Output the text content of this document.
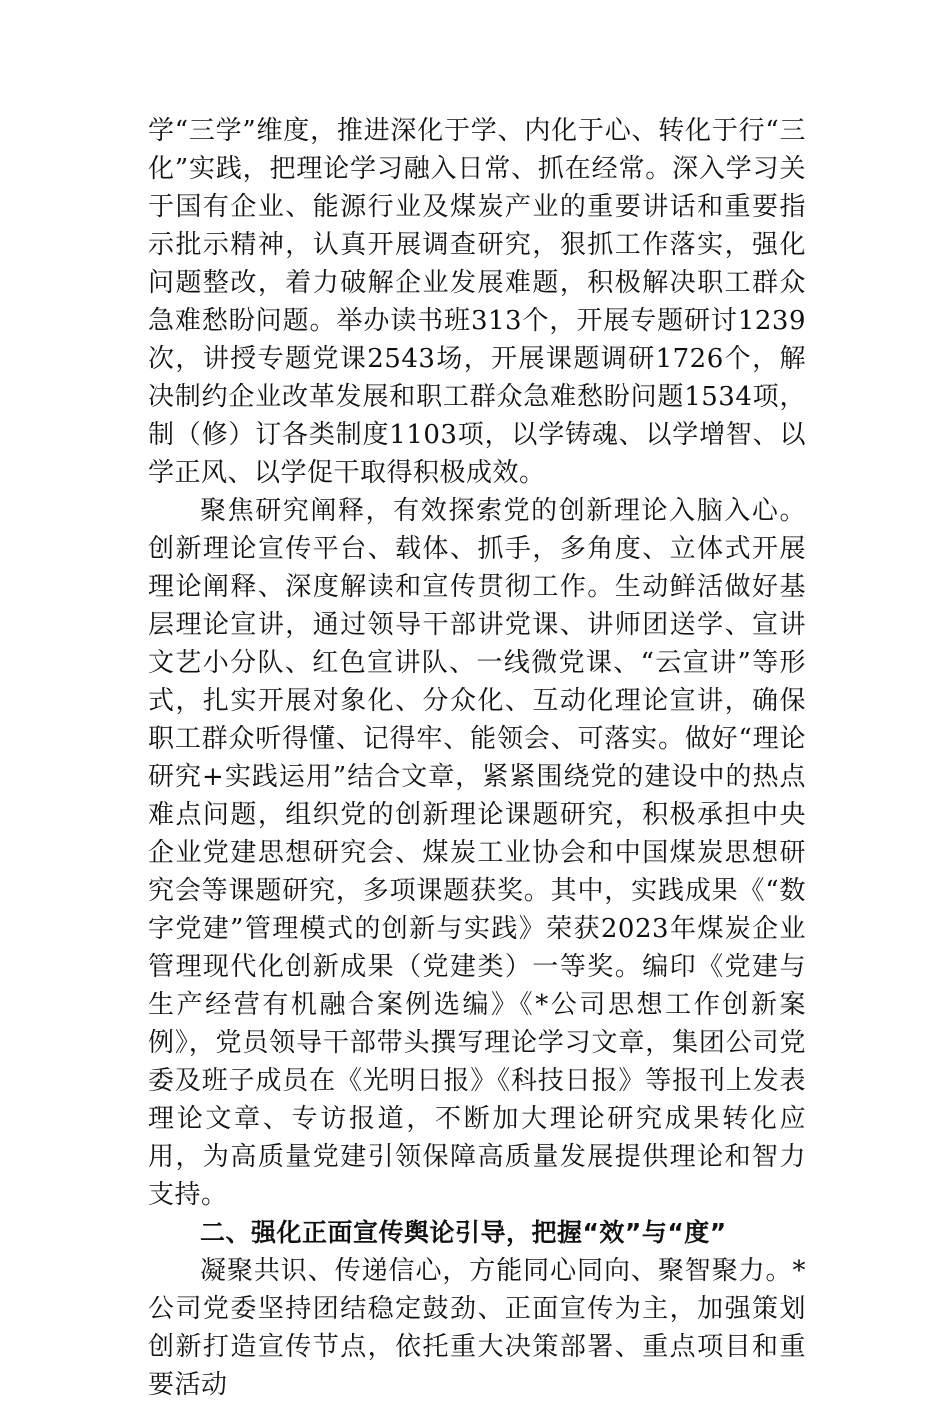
学“三学”维度，推进深化于学、内化于心、转化于行“三化”实践，把理论学习融入日常、抓在经常。深入学习关于国有企业、能源行业及煤炭产业的重要讲话和重要指示批示精神，认真开展调查研究，狠抓工作落实，强化问题整改，着力破解企业发展难题，积极解决职工群众急难愁盼问题。举办读书班313个，开展专题研讨1239次，讲授专题党课2543场，开展课题调研1726个，解决制约企业改革发展和职工群众急难愁盼问题1534项，制（修）订各类制度1103项，以学铸魂、以学增智、以学正风、以学促干取得积极成效。

聚焦研究阐释，有效探索党的创新理论入脑入心。创新理论宣传平台、载体、抓手，多角度、立体式开展理论阐释、深度解读和宣传贯彻工作。生动鲜活做好基层理论宣讲，通过领导干部讲党课、讲师团送学、宣讲文艺小分队、红色宣讲队、一线微党课、“云宣讲”等形式，扎实开展对象化、分众化、互动化理论宣讲，确保职工群众听得懂、记得牢、能领会、可落实。做好“理论研究+实践运用”结合文章，紧紧围绕党的建设中的热点难点问题，组织党的创新理论课题研究，积极承担中央企业党建思想研究会、煤炭工业协会和中国煤炭思想研究会等课题研究，多项课题获奖。其中，实践成果《“数字党建”管理模式的创新与实践》荣获2023年煤炭企业管理现代化创新成果（党建类）一等奖。编印《党建与生产经营有机融合案例选编》《*公司思想工作创新案例》，党员领导干部带头撰写理论学习文章，集团公司党委及班子成员在《光明日报》《科技日报》等报刊上发表理论文章、专访报道，不断加大理论研究成果转化应用，为高质量党建引领保障高质量发展提供理论和智力支持。

二、强化正面宣传舆论引导，把握“效”与“度”

凝聚共识、传递信心，方能同心同向、聚智聚力。*公司党委坚持团结稳定鼓劲、正面宣传为主，加强策划创新打造宣传节点，依托重大决策部署、重点项目和重要活动
